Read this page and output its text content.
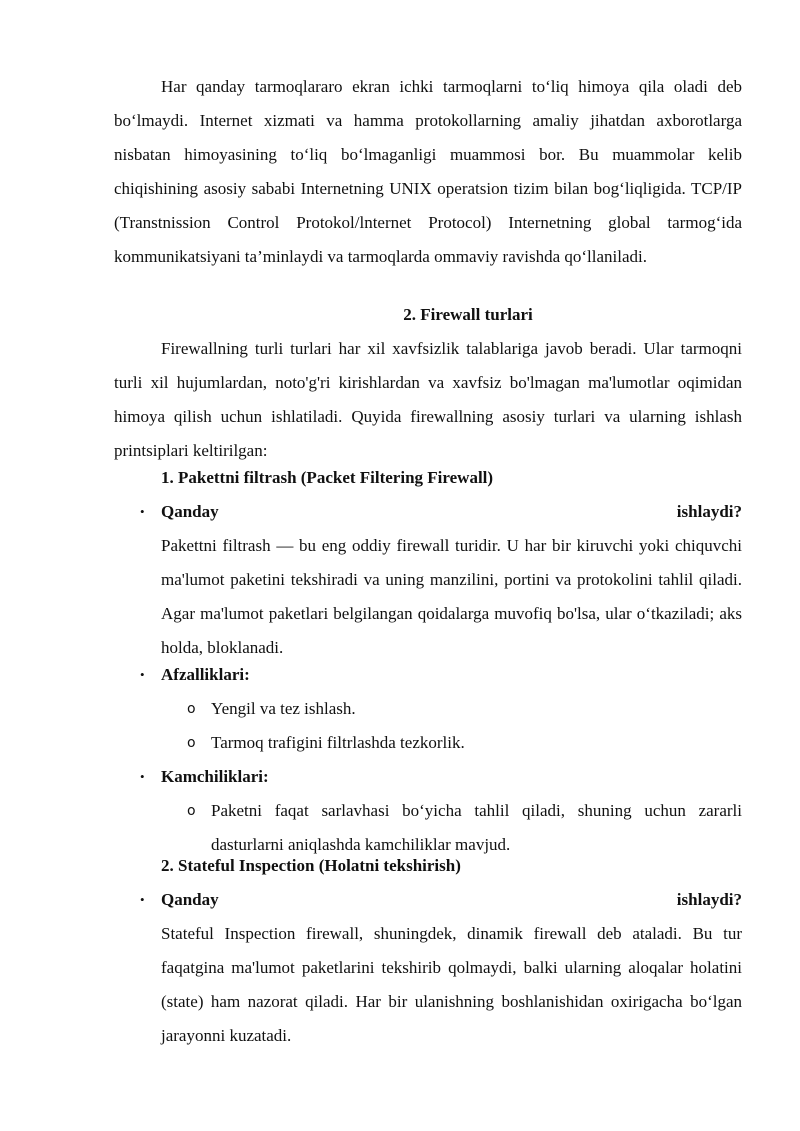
Har qanday tarmoqlararo ekran ichki tarmoqlarni to‘liq himoya qila oladi deb bo‘lmaydi. Internet xizmati va hamma protokollarning amaliy jihatdan axborotlarga nisbatan himoyasining to‘liq bo‘lmaganligi muammosi bor. Bu muammolar kelib chiqishining asosiy sababi Internetning UNIX operatsion tizim bilan bog‘liqligida. TCP/IP (Transtnission Control Protokol/lnternet Protocol) Internetning global tarmog‘ida kommunikatsiyani ta’minlaydi va tarmoqlarda ommaviy ravishda qo‘llaniladi.

2. Firewall turlari

Firewallning turli turlari har xil xavfsizlik talablariga javob beradi. Ular tarmoqni turli xil hujumlardan, noto'g'ri kirishlardan va xavfsiz bo'lmagan ma'lumotlar oqimidan himoya qilish uchun ishlatiladi. Quyida firewallning asosiy turlari va ularning ishlash printsiplari keltirilgan:

1. Pakettni filtrash (Packet Filtering Firewall)
• Qanday	ishlaydi?

Pakettni filtrash — bu eng oddiy firewall turidir. U har bir kiruvchi yoki chiquvchi ma'lumot paketini tekshiradi va uning manzilini, portini va protokolini tahlil qiladi. Agar ma'lumot paketlari belgilangan qoidalarga muvofiq bo'lsa, ular o‘tkaziladi; aks holda, bloklanadi.

• Afzalliklari:
o Yengil va tez ishlash.

o Tarmoq trafigini filtrlashda tezkorlik.

• Kamchiliklari:
o Paketni faqat sarlavhasi bo‘yicha tahlil qiladi, shuning uchun zararli dasturlarni aniqlashda kamchiliklar mavjud.

2. Stateful Inspection (Holatni tekshirish)
• Qanday	ishlaydi?

Stateful Inspection firewall, shuningdek, dinamik firewall deb ataladi. Bu tur faqatgina ma'lumot paketlarini tekshirib qolmaydi, balki ularning aloqalar holatini (state) ham nazorat qiladi. Har bir ulanishning boshlanishidan oxirigacha bo‘lgan jarayonni kuzatadi.
